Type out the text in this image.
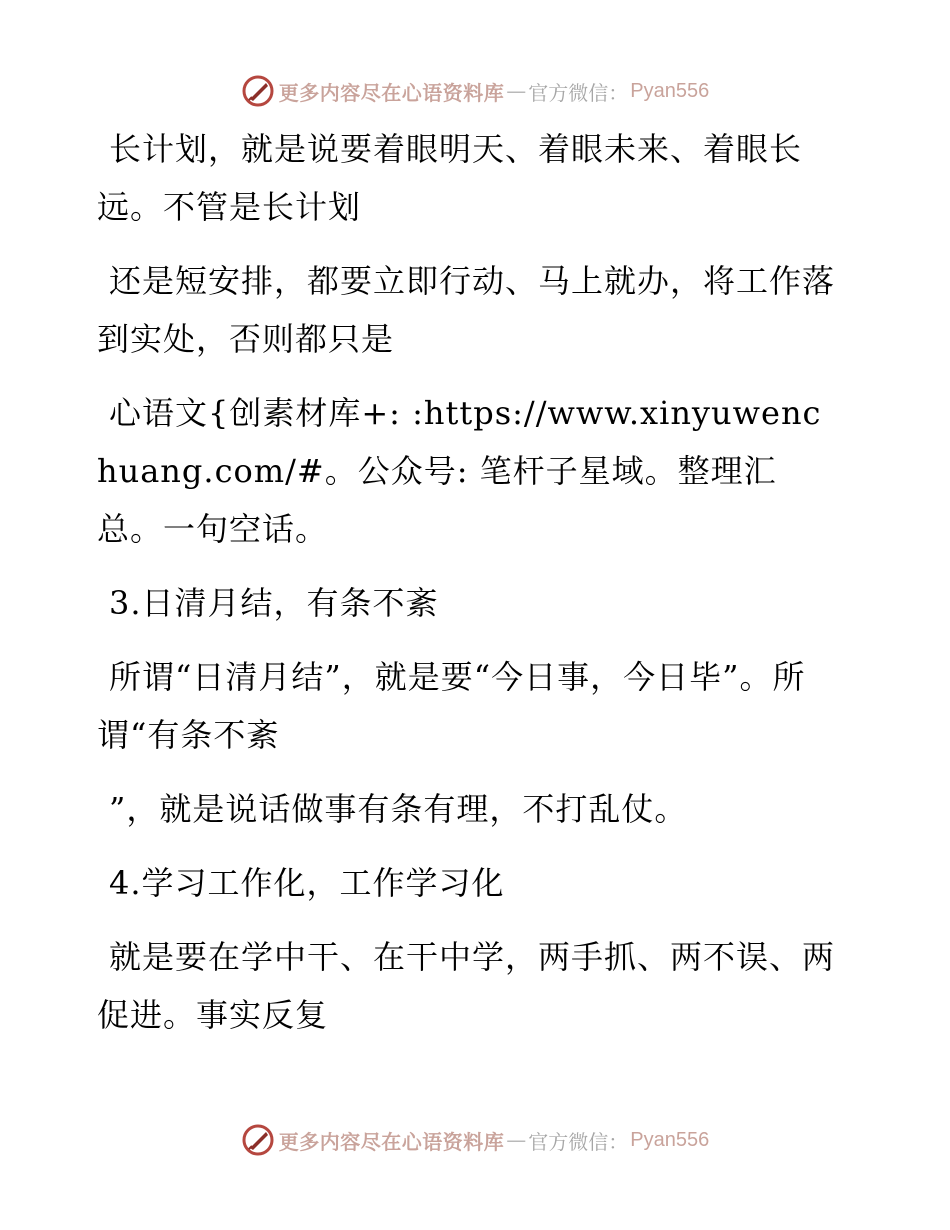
更多内容尽在心语资料库 — 官方微信： Pyan556

长计划，就是说要着眼明天、着眼未来、着眼长远。不管是长计划

还是短安排，都要立即行动、马上就办，将工作落到实处，否则都只是

心语文{创素材库+: :https://www.xinyuwenchuang.com/#。公众号: 笔杆子星域。整理汇总。一句空话。

3.日清月结，有条不紊

所谓“日清月结”，就是要“今日事，今日毕”。所谓“有条不紊

”，就是说话做事有条有理，不打乱仗。

4.学习工作化，工作学习化

就是要在学中干、在干中学，两手抓、两不误、两促进。事实反复

更多内容尽在心语资料库 — 官方微信： Pyan556
